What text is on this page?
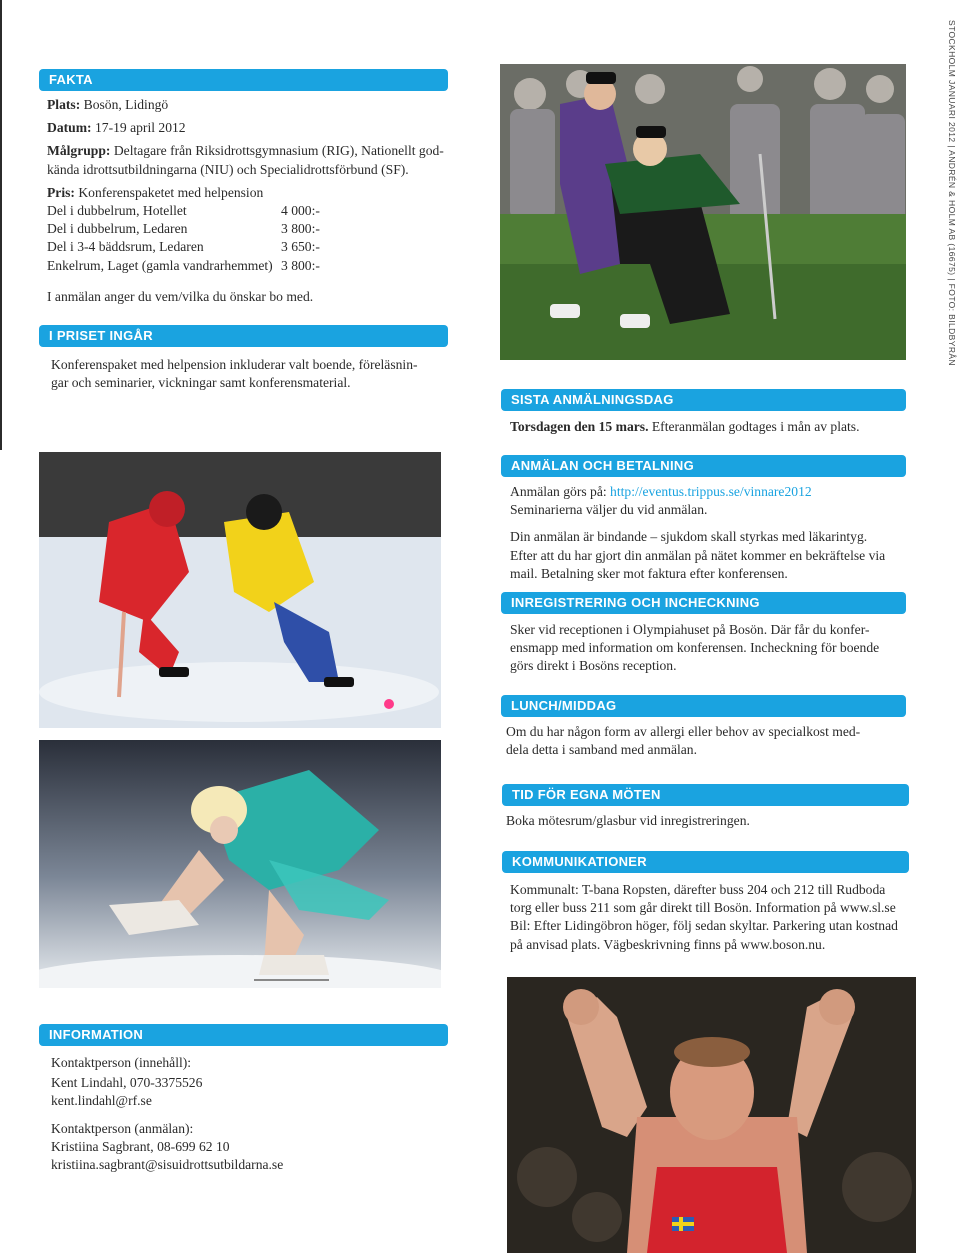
FAKTA
Plats: Bosön, Lidingö
Datum: 17-19 april 2012
Målgrupp: Deltagare från Riksidrottsgymnasium (RIG), Nationellt god-
kända idrottsutbildningarna (NIU) och Specialidrottsförbund (SF).
Pris: Konferenspaketet med helpension
Del i dubbelrum, Hotellet	4 000:-
Del i dubbelrum, Ledaren	3 800:-
Del i 3-4 bäddsrum, Ledaren	3 650:-
Enkelrum, Laget (gamla vandrarhemmet) 3 800:-
I anmälan anger du vem/vilka du önskar bo med.
I PRISET INGÅR
Konferenspaket med helpension inkluderar valt boende, föreläsnin-
gar och seminarier, vickningar samt konferensmaterial.
STOCKHOLM JANUARI 2012 | ANDRÉN & HOLM AB (16675) | FOTO: BILDBYRÅN
SISTA ANMÄLNINGSDAG
Torsdagen den 15 mars. Efteranmälan godtages i mån av plats.
ANMÄLAN OCH BETALNING
Anmälan görs på: http://eventus.trippus.se/vinnare2012
Seminarierna väljer du vid anmälan.
Din anmälan är bindande – sjukdom skall styrkas med läkarintyg.
Efter att du har gjort din anmälan på nätet kommer en bekräftelse via
mail. Betalning sker mot faktura efter konferensen.
INREGISTRERING OCH INCHECKNING
Sker vid receptionen i Olympiahuset på Bosön. Där får du konfer-
ensmapp med information om konferensen. Incheckning för boende
görs direkt i Bosöns reception.
LUNCH/MIDDAG
Om du har någon form av allergi eller behov av specialkost med-
dela detta i samband med anmälan.
TID FÖR EGNA MÖTEN
Boka mötesrum/glasbur vid inregistreringen.
KOMMUNIKATIONER
Kommunalt: T-bana Ropsten, därefter buss 204 och 212 till Rudboda
torg eller buss 211 som går direkt till Bosön. Information på www.sl.se
Bil: Efter Lidingöbron höger, följ sedan skyltar. Parkering utan kostnad
på anvisad plats. Vägbeskrivning finns på www.boson.nu.
INFORMATION
Kontaktperson (innehåll):
Kent Lindahl, 070-3375526
kent.lindahl@rf.se
Kontaktperson (anmälan):
Kristiina Sagbrant, 08-699 62 10
kristiina.sagbrant@sisuidrottsutbildarna.se
